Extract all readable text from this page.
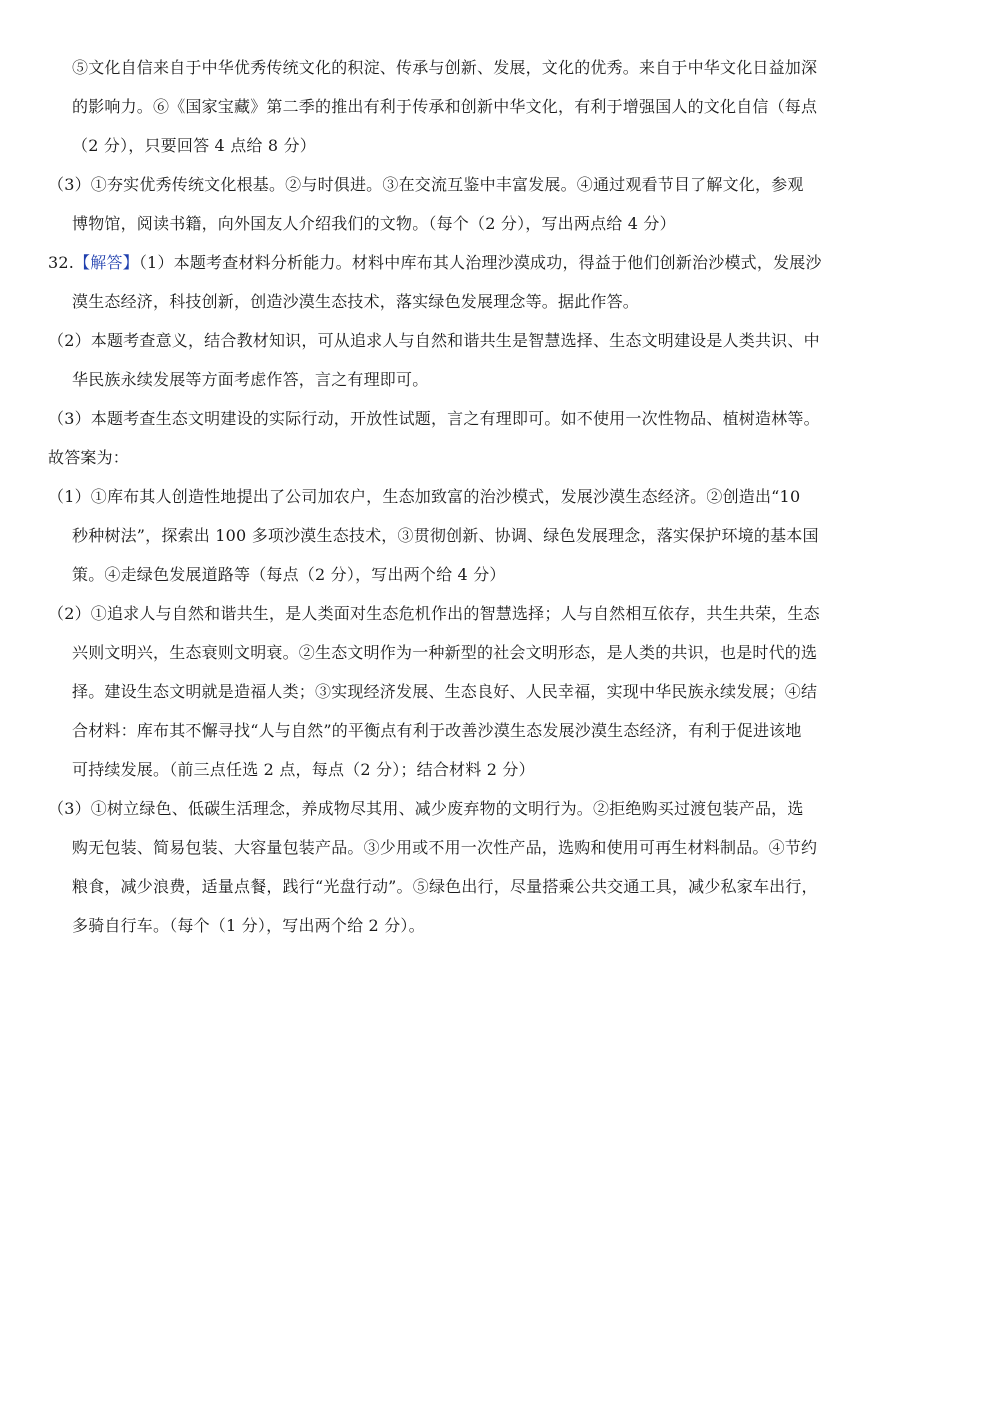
⑤文化自信来自于中华优秀传统文化的积淀、传承与创新、发展，文化的优秀。来自于中华文化日益加深
的影响力。⑥《国家宝藏》第二季的推出有利于传承和创新中华文化，有利于增强国人的文化自信（每点
（2 分），只要回答 4 点给 8 分）
（3）①夯实优秀传统文化根基。②与时俱进。③在交流互鉴中丰富发展。④通过观看节目了解文化，参观
博物馆，阅读书籍，向外国友人介绍我们的文物。（每个（2 分），写出两点给 4 分）
32.【解答】（1）本题考查材料分析能力。材料中库布其人治理沙漠成功，得益于他们创新治沙模式，发展沙
漠生态经济，科技创新，创造沙漠生态技术，落实绿色发展理念等。据此作答。
（2）本题考查意义，结合教材知识，可从追求人与自然和谐共生是智慧选择、生态文明建设是人类共识、中
华民族永续发展等方面考虑作答，言之有理即可。
（3）本题考查生态文明建设的实际行动，开放性试题，言之有理即可。如不使用一次性物品、植树造林等。
故答案为：
（1）①库布其人创造性地提出了公司加农户，生态加致富的治沙模式，发展沙漠生态经济。②创造出“10
秒种树法”，探索出 100 多项沙漠生态技术，③贯彻创新、协调、绿色发展理念，落实保护环境的基本国
策。④走绿色发展道路等（每点（2 分），写出两个给 4 分）
（2）①追求人与自然和谐共生，是人类面对生态危机作出的智慧选择；人与自然相互依存，共生共荣，生态
兴则文明兴，生态衰则文明衰。②生态文明作为一种新型的社会文明形态，是人类的共识，也是时代的选
择。建设生态文明就是造福人类；③实现经济发展、生态良好、人民幸福，实现中华民族永续发展；④结
合材料：库布其不懈寻找“人与自然”的平衡点有利于改善沙漠生态发展沙漠生态经济，有利于促进该地
可持续发展。（前三点任选 2 点，每点（2 分）；结合材料 2 分）
（3）①树立绿色、低碳生活理念，养成物尽其用、减少废弃物的文明行为。②拒绝购买过渡包装产品，选
购无包装、简易包装、大容量包装产品。③少用或不用一次性产品，选购和使用可再生材料制品。④节约
粮食，减少浪费，适量点餐，践行“光盘行动”。⑤绿色出行，尽量搭乘公共交通工具，减少私家车出行，
多骑自行车。（每个（1 分），写出两个给 2 分）。
